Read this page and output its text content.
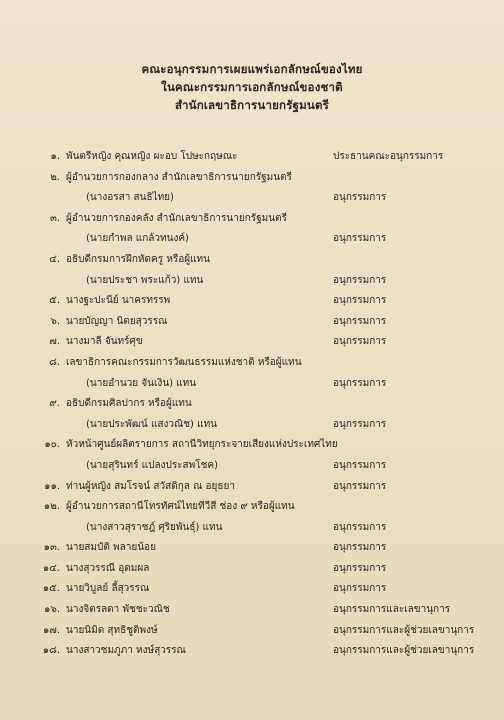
คณะอนุกรรมการเผยแพร่เอกลักษณ์ของไทย
ในคณะกรรมการเอกลักษณ์ของชาติ
สำนักเลขาธิการนายกรัฐมนตรี
๑. พันตรีหญิง คุณหญิง ผะอบ โปษะกฤษณะ	ประธานคณะอนุกรรมการ
๒. ผู้อำนวยการกองกลาง สำนักเลขาธิการนายกรัฐมนตรี
(นางอรสา สนธิไทย)	อนุกรรมการ
๓. ผู้อำนวยการกองคลัง สำนักเลขาธิการนายกรัฐมนตรี
(นายกำพล แกล้วทนงค์)	อนุกรรมการ
๔. อธิบดีกรมการฝึกหัดครู หรือผู้แทน
(นายประชา พระแก้ว) แทน	อนุกรรมการ
๕. นางฐะปะนีย์ นาครทรรพ	อนุกรรมการ
๖. นายบัญญา นิตยสุวรรณ	อนุกรรมการ
๗. นางมาลี จันทร์ศุข	อนุกรรมการ
๘. เลขาธิการคณะกรรมการวัฒนธรรมแห่งชาติ หรือผู้แทน
(นายอำนวย จันเงิน) แทน	อนุกรรมการ
๙. อธิบดีกรมศิลปากร หรือผู้แทน
(นายประพัฒน์ แสงวณิช) แทน	อนุกรรมการ
๑๐. หัวหน้าศูนย์ผลิตรายการ สถานีวิทยุกระจายเสียงแห่งประเทศไทย
(นายสุรินทร์ แปลงประสพโชค)	อนุกรรมการ
๑๑. ท่านผู้หญิง สมโรจน์ สวัสดิกุล ณ อยุธยา	อนุกรรมการ
๑๒. ผู้อำนวยการสถานีโทรทัศน์ไทยทีวีสี ช่อง ๙ หรือผู้แทน
(นางสาวสุราชฎ์ ศุริยพันธุ์) แทน	อนุกรรมการ
๑๓. นายสมบัติ พลายน้อย	อนุกรรมการ
๑๔. นางสุวรรณี อุดมผล	อนุกรรมการ
๑๕. นายวิบูลย์ ลี้สุวรรณ	อนุกรรมการ
๑๖. นางจิตรลดา พัชชะวณิช	อนุกรรมการและเลขานุการ
๑๗. นายนิมิต สุทธิชูติพงษ์	อนุกรรมการและผู้ช่วยเลขานุการ
๑๘. นางสาวชมภูภา หงษ์สุวรรณ	อนุกรรมการและผู้ช่วยเลขานุการ
